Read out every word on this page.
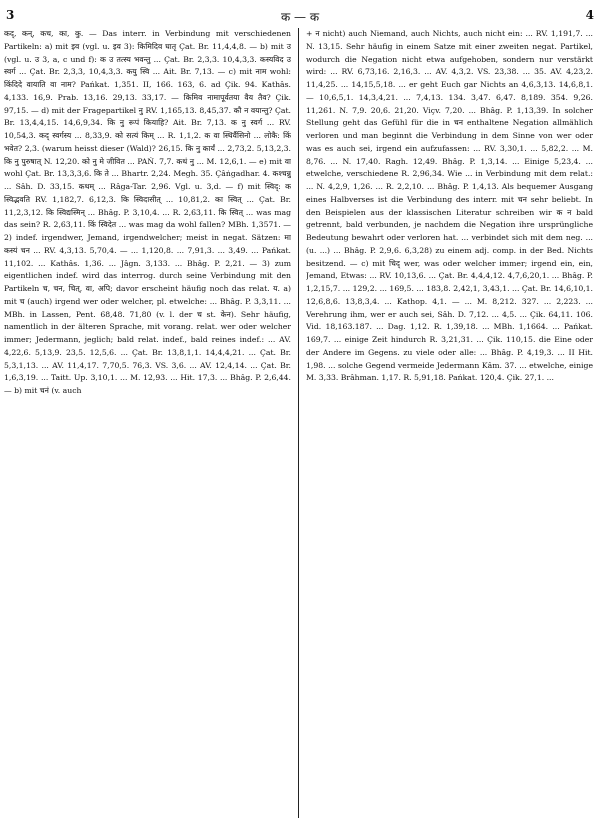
3	क — क	4

कद्, कन्, कच, का, कु. — Das interr. in Verbindung mit verschiedenen Partikeln: a) mit इव (vgl. u. इव 3): किमिदिव घातृ Çat. Br. 11,4,4,8. — b) mit उ (vgl. u. उ 3, a, c und f): क उ तत्स्य भवन्तु ... Çat. Br. 2,3,3. 10,4,3,3. कस्यविद उ स्वर्ग ... Çat. Br. 2,3,3, 10,4,3,3. कयु स्वि ... Ait. Br. 7,13. — c) mit नाम wohl: किंदिदे वायाति वा नाम? Pańkat. 1,351. II, 166. 163, 6. ad Çik. 94. Kathâs. 4,133. 16,9. Prab. 13,16. 29,13. 33,17. — किमिव नामापूर्वतया वैय तैव? Çik. 97,15. — d) mit der Fragepartikel नु RV. 1,165,13. 8,45,37. कौ न वयान्तु? Çat. Br. 13,4,4,15. 14,6,9,34. कि नु रूपं कियाहि? Ait. Br. 7,13. क नु स्वर्ग ... RV. 10,54,3. कद् स्वर्गस्य ... 8,33,9. को सत्यं किम् ... R. 1,1,2. क वा स्थिर्वैसिनो ... लोकै: किं भवेत? 2,3. (warum heisst dieser (Wald)? 26,15. कि नु कार्यं ... 2,73,2. 5,13,2,3. कि नु पुरुषात् N. 12,20. को नु मे जीवित ... PAŃ. 7,7. कथं नु ... M. 12,6,1. — e) mit वा wohl Çat. Br. 13,3,3,6. कि ते ... Bhartr. 2,24. Megh. 35. Çâṅgadhar. 4. कश्चन्नु ... Sâh. D. 33,15. कथम् ... Râga-Tar. 2,96. Vgl. u. 3,d. — f) mit स्विद्: क स्विद्भवति RV. 1,182,7. 6,12,3. कि स्विदासीत् ... 10,81,2. का स्वित् ... Çat. Br. 11,2,3,12. कि स्विद्यस्मिन् ... Bhâg. P. 3,10,4. ... R. 2,63,11. कि स्वित् ... was mag das sein? R. 2,63,11. किं स्विदेत ... was mag da wohl fallen? MBh. 1,3571. — 2) indef. irgendwer, Jemand, irgendwelcher; meist in negat. Sätzen: मा कस्यं चन ... RV. 4,3,13. 5,70,4. — ... 1,120,8. ... 7,91,3. ... 3,49. ... Pańkat. 11,102. ... Kathâs. 1,36. ... Jâgn. 3,133. ... Bhâg. P. 2,21. — 3) zum eigentlichen indef. wird das interrog. durch seine Verbindung mit den Partikeln च, चन, चित्, वा, अपि; davor erscheint häufig noch das relat. य. a) mit च (auch) irgend wer oder welcher, pl. etwelche: ... Bhâg. P. 3,3,11. ... MBh. in Lassen, Pent. 68,48. 71,80 (v. l. der च st. केन). Sehr häufig, namentlich in der älteren Sprache, mit vorang. relat. wer oder welcher immer; Jedermann, jeglich; bald relat. indef., bald reines indef.: ... AV. 4,22,6. 5,13,9. 23,5. 12,5,6. ... Çat. Br. 13,8,1,1. 14,4,4,21. ... Çat. Br. 5,3,1,13. ... AV. 11,4,17. 7,70,5. 76,3. VS. 3,6. ... AV. 12,4,14. ... Çat. Br. 1,6,3,19. ... Taitt. Up. 3,10,1. ... M. 12,93. ... Hit. 17,3. ... Bhâg. P. 2,6,44. — b) mit चनं (v. auch

+ न nicht) auch Niemand, auch Nichts, auch nicht ein: ... RV. 1,191,7. ... N. 13,15. Sehr häufig in einem Satze mit einer zweiten negat. Partikel, wodurch die Negation nicht etwa aufgehoben, sondern nur verstärkt wird: ... RV. 6,73,16. 2,16,3. ... AV. 4,3,2. VS. 23,38. ... 35. AV. 4,23,2. 11,4,25. ... 14,15,5,18. ... er geht Euch gar Nichts an 4,6,3,13. 14,6,8,1. — 10,6,5,1. 14,3,4,21. ... 7,4,13. 134. 3,47. 6,47. 8,189. 354. 9,26. 11,261. N. 7,9. 20,6. 21,20. Viçv. 7,20. ... Bhâg. P. 1,13,39. In solcher Stellung geht das Gefühl für die in चन enthaltene Negation allmählich verloren und man beginnt die Verbindung in dem Sinne von wer oder was es auch sei, irgend ein aufzufassen: ... RV. 3,30,1. ... 5,82,2. ... M. 8,76. ... N. 17,40. Ragh. 12,49. Bhâg. P. 1,3,14. ... Einige 5,23,4. ... etwelche, verschiedene R. 2,96,34. Wie ... in Verbindung mit dem relat.: ... N. 4,2,9, 1,26. ... R. 2,2,10. ... Bhâg. P. 1,4,13. Als bequemer Ausgang eines Halbverses ist die Verbindung des interr. mit चन sehr beliebt. In den Beispielen aus der klassischen Literatur schreiben wir क न bald getrennt, bald verbunden, je nachdem die Negation ihre ursprüngliche Bedeutung bewahrt oder verloren hat. ... verbindet sich mit dem neg. ... (u. ...) ... Bhâg. P. 2,9,6. 6,3,28) zu einem adj. comp. in der Bed. Nichts besitzend. — c) mit चिद् wer, was oder welcher immer; irgend ein, ein, Jemand, Etwas: ... RV. 10,13,6. ... Çat. Br. 4,4,4,12. 4,7,6,20,1. ... Bhâg. P. 1,2,15,7. ... 129,2. ... 169,5. ... 183,8. 2,42,1, 3,43,1. ... Çat. Br. 14,6,10,1. 12,6,8,6. 13,8,3,4. ... Kathop. 4,1. — ... M. 8,212. 327. ... 2,223. ... Verehrung ihm, wer er auch sei, Sâh. D. 7,12. ... 4,5. ... Çik. 64,11. 106. Vid. 18,163.187. ... Dag. 1,12. R. 1,39,18. ... MBh. 1,1664. ... Pańkat. 169,7. ... einige Zeit hindurch R. 3,21,31. ... Çik. 110,15. die Eine oder der Andere im Gegens. zu viele oder alle: ... Bhâg. P. 4,19,3. ... II Hit. 1,98. ... solche Gegend vermeide Jedermann Kâm. 37. ... etwelche, einige M. 3,33. Brâhman. 1,17. R. 5,91,18. Pańkat. 120,4. Çik. 27,1. ...
